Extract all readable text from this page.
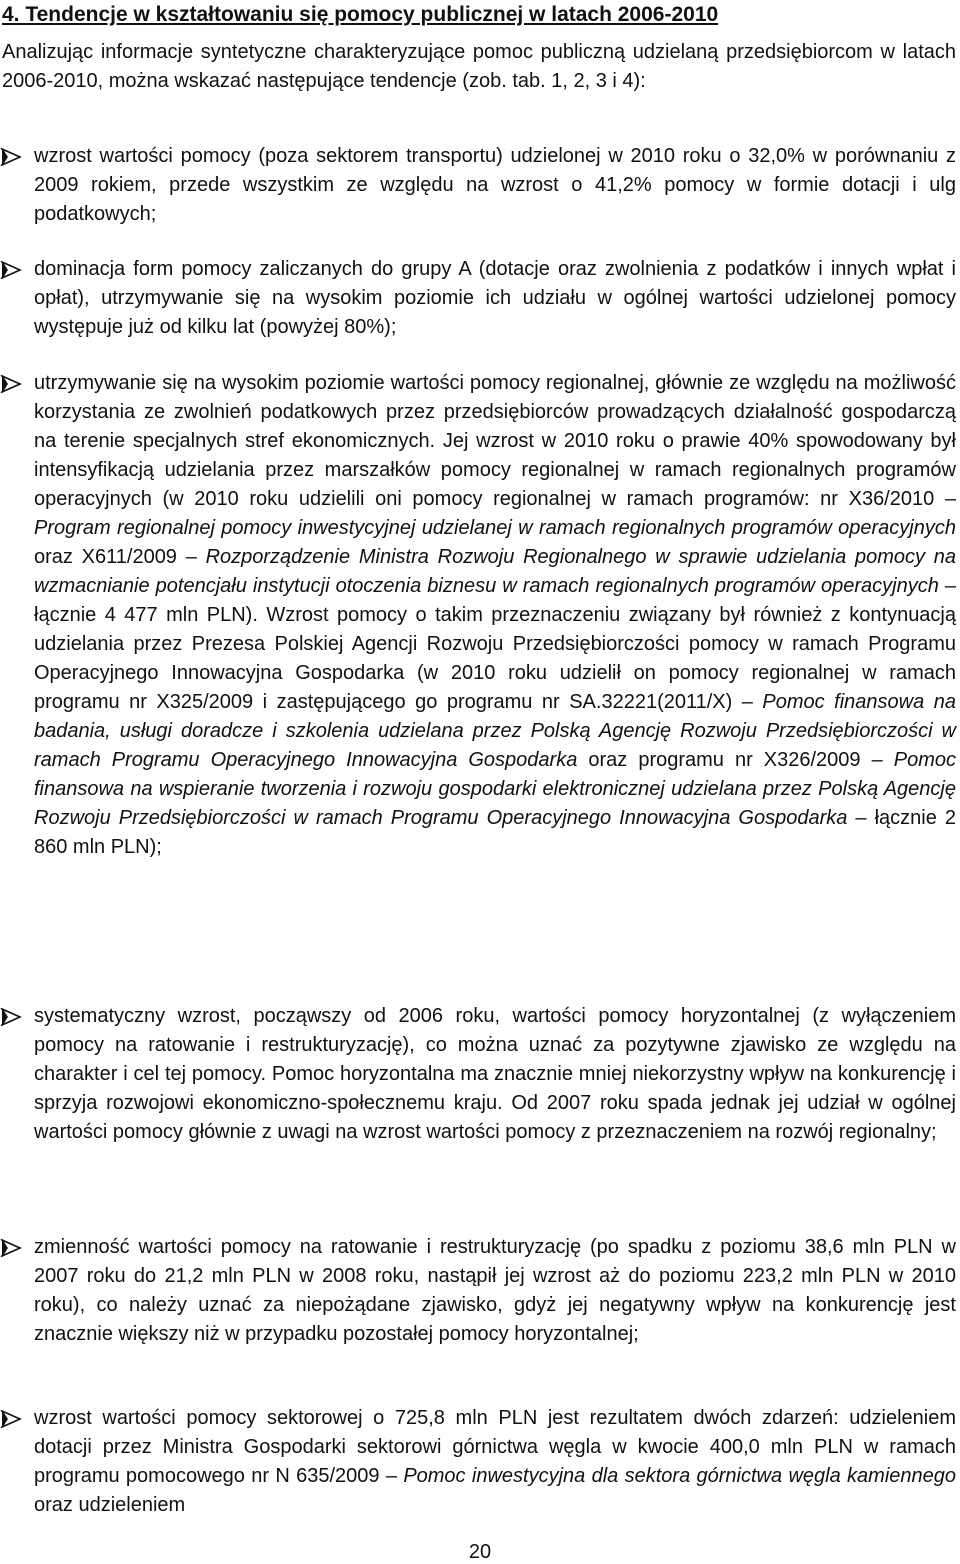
4. Tendencje w kształtowaniu się pomocy publicznej w latach 2006-2010
Analizując informacje syntetyczne charakteryzujące pomoc publiczną udzielaną przedsiębiorcom w latach 2006-2010, można wskazać następujące tendencje (zob. tab. 1, 2, 3 i 4):
wzrost wartości pomocy (poza sektorem transportu) udzielonej w 2010 roku o 32,0% w porównaniu z 2009 rokiem, przede wszystkim ze względu na wzrost o 41,2% pomocy w formie dotacji i ulg podatkowych;
dominacja form pomocy zaliczanych do grupy A (dotacje oraz zwolnienia z podatków i innych wpłat i opłat), utrzymywanie się na wysokim poziomie ich udziału w ogólnej wartości udzielonej pomocy występuje już od kilku lat (powyżej 80%);
utrzymywanie się na wysokim poziomie wartości pomocy regionalnej, głównie ze względu na możliwość korzystania ze zwolnień podatkowych przez przedsiębiorców prowadzących działalność gospodarczą na terenie specjalnych stref ekonomicznych. Jej wzrost w 2010 roku o prawie 40% spowodowany był intensyfikacją udzielania przez marszałków pomocy regionalnej w ramach regionalnych programów operacyjnych (w 2010 roku udzielili oni pomocy regionalnej w ramach programów: nr X36/2010 – Program regionalnej pomocy inwestycyjnej udzielanej w ramach regionalnych programów operacyjnych oraz X611/2009 – Rozporządzenie Ministra Rozwoju Regionalnego w sprawie udzielania pomocy na wzmacnianie potencjału instytucji otoczenia biznesu w ramach regionalnych programów operacyjnych – łącznie 4 477 mln PLN). Wzrost pomocy o takim przeznaczeniu związany był również z kontynuacją udzielania przez Prezesa Polskiej Agencji Rozwoju Przedsiębiorczości pomocy w ramach Programu Operacyjnego Innowacyjna Gospodarka (w 2010 roku udzielił on pomocy regionalnej w ramach programu nr X325/2009 i zastępującego go programu nr SA.32221(2011/X) – Pomoc finansowa na badania, usługi doradcze i szkolenia udzielana przez Polską Agencję Rozwoju Przedsiębiorczości w ramach Programu Operacyjnego Innowacyjna Gospodarka oraz programu nr X326/2009 – Pomoc finansowa na wspieranie tworzenia i rozwoju gospodarki elektronicznej udzielana przez Polską Agencję Rozwoju Przedsiębiorczości w ramach Programu Operacyjnego Innowacyjna Gospodarka – łącznie 2 860 mln PLN);
systematyczny wzrost, począwszy od 2006 roku, wartości pomocy horyzontalnej (z wyłączeniem pomocy na ratowanie i restrukturyzację), co można uznać za pozytywne zjawisko ze względu na charakter i cel tej pomocy. Pomoc horyzontalna ma znacznie mniej niekorzystny wpływ na konkurencję i sprzyja rozwojowi ekonomiczno-społecznemu kraju. Od 2007 roku spada jednak jej udział w ogólnej wartości pomocy głównie z uwagi na wzrost wartości pomocy z przeznaczeniem na rozwój regionalny;
zmienność wartości pomocy na ratowanie i restrukturyzację (po spadku z poziomu 38,6 mln PLN w 2007 roku do 21,2 mln PLN w 2008 roku, nastąpił jej wzrost aż do poziomu 223,2 mln PLN w 2010 roku), co należy uznać za niepożądane zjawisko, gdyż jej negatywny wpływ na konkurencję jest znacznie większy niż w przypadku pozostałej pomocy horyzontalnej;
wzrost wartości pomocy sektorowej o 725,8 mln PLN jest rezultatem dwóch zdarzeń: udzieleniem dotacji przez Ministra Gospodarki sektorowi górnictwa węgla w kwocie 400,0 mln PLN w ramach programu pomocowego nr N 635/2009 – Pomoc inwestycyjna dla sektora górnictwa węgla kamiennego oraz udzieleniem
20
